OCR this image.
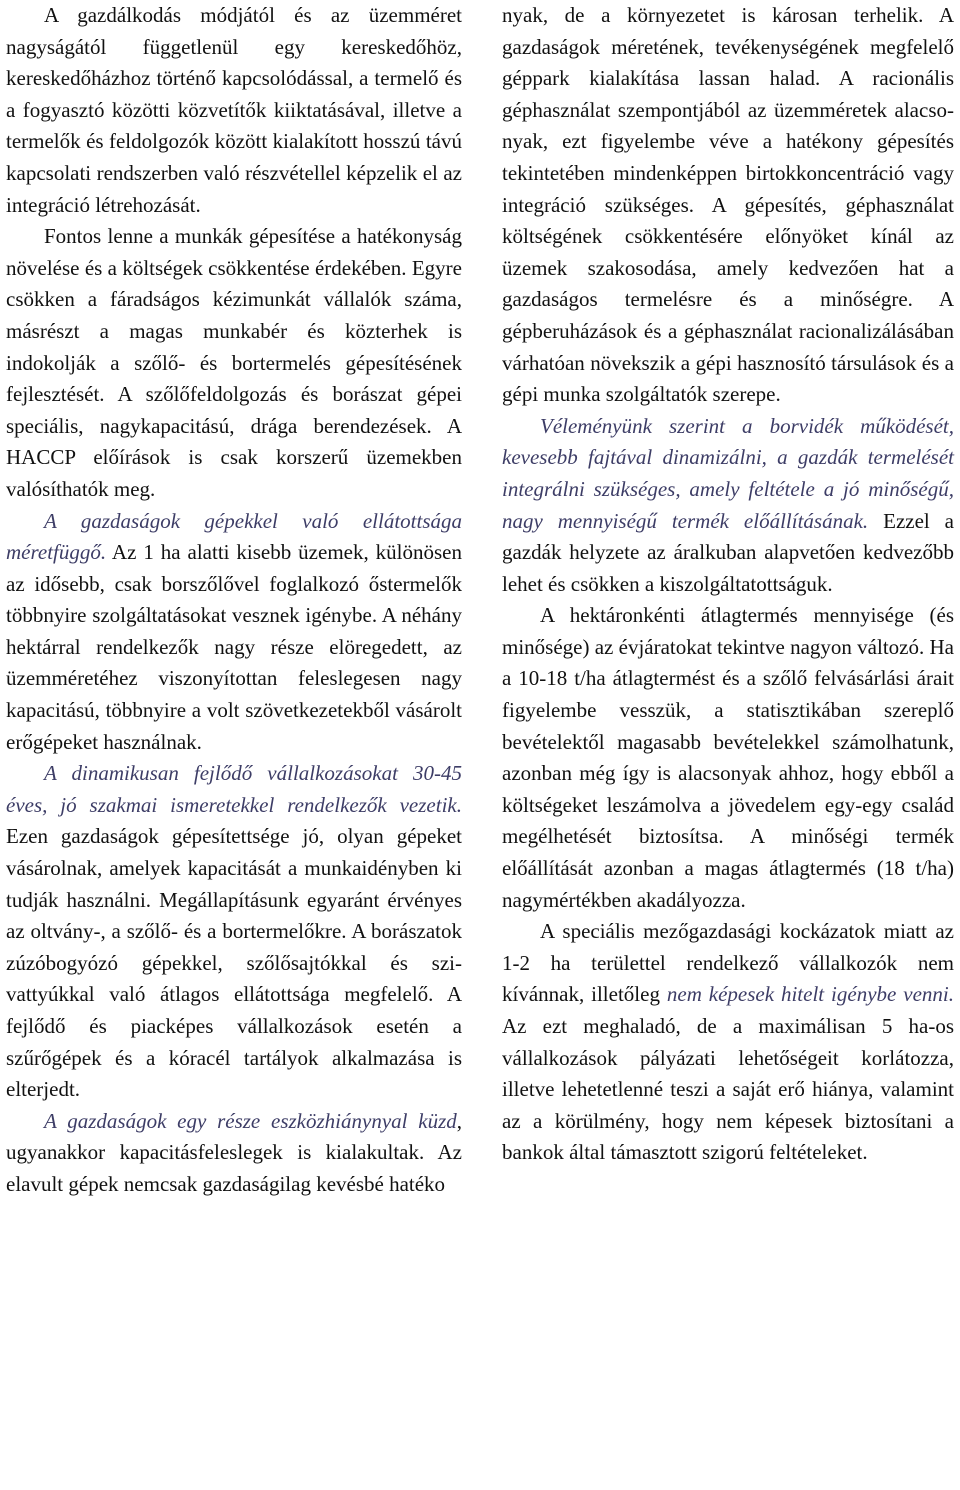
A gazdálkodás módjától és az üzemméret nagyságától függetlenül egy kereskedőhöz, kereskedőházhoz történő kapcsolódással, a termelő és a fogyasztó közötti közvetítők kiiktatásával, illetve a termelők és feldolgozók között kialakított hosszú távú kapcsolati rendszerben való részvétellel képzelik el az integráció létrehozását.

Fontos lenne a munkák gépesítése a hatékonyság növelése és a költségek csökkentése érdekében. Egyre csökken a fáradságos kézimunkát vállalók száma, másrészt a magas munkabér és közterhek is indokolják a szőlő- és bortermelés gépesítésének fejlesztését. A szőlőfeldolgozás és borászat gépei speciális, nagykapacitású, drága berendezések. A HACCP előírások is csak korszerű üzemekben valósíthatók meg.

A gazdaságok gépekkel való ellátottsága méretfüggő. Az 1 ha alatti kisebb üzemek, különösen az idősebb, csak borszőlővel foglalkozó őstermelők többnyire szolgáltatásokat vesznek igénybe. A néhány hektárral rendelkezők nagy része elöregedett, az üzemméretéhez viszonyítottan feleslegesen nagy kapacitású, többnyire a volt szövetkezetekből vásárolt erőgépeket használnak.

A dinamikusan fejlődő vállalkozásokat 30-45 éves, jó szakmai ismeretekkel rendelkezők vezetik. Ezen gazdaságok gépesítettsége jó, olyan gépeket vásárolnak, amelyek kapacitását a munkaidényben ki tudják használni. Megállapításunk egyaránt érvényes az oltvány-, a szőlő- és a bortermelőkre. A borászatok zúzóbogyózó gépekkel, szőlősajtókkal és szivattyúkkal való átlagos ellátottsága megfelelő. A fejlődő és piacképes vállalkozások esetén a szűrőgépek és a kóracél tartályok alkalmazása is elterjedt.

A gazdaságok egy része eszközhiánynyal küzd, ugyanakkor kapacitásfeleslegek is kialakultak. Az elavult gépek nemcsak gazdaságilag kevésbé hatéko

nyak, de a környezetet is károsan terhelik. A gazdaságok méretének, tevékenységének megfelelő géppark kialakítása lassan halad. A racionális géphasználat szempontjából az üzemméretek alacsonyak, ezt figyelembe véve a hatékony gépesítés tekintetében mindenképpen birtokkoncentráció vagy integráció szükséges. A gépesítés, géphasználat költségének csökkentésére előnyöket kínál az üzemek szakosodása, amely kedvezően hat a gazdaságos termelésre és a minőségre. A gépberuházások és a géphasználat racionalizálásában várhatóan növekszik a gépi hasznosító társulások és a gépi munka szolgáltatók szerepe.

Véleményünk szerint a borvidék működését, kevesebb fajtával dinamizálni, a gazdák termelését integrálni szükséges, amely feltétele a jó minőségű, nagy mennyiségű termék előállításának. Ezzel a gazdák helyzete az áralkuban alapvetően kedvezőbb lehet és csökken a kiszolgáltatottságuk.

A hektáronkénti átlagtermés mennyisége (és minősége) az évjáratokat tekintve nagyon változó. Ha a 10-18 t/ha átlagtermést és a szőlő felvásárlási árait figyelembe vesszük, a statisztikában szereplő bevételektől magasabb bevételekkel számolhatunk, azonban még így is alacsonyak ahhoz, hogy ebből a költségeket leszámolva a jövedelem egy-egy család megélhetését biztosítsa. A minőségi termék előállítását azonban a magas átlagtermés (18 t/ha) nagymértékben akadályozza.

A speciális mezőgazdasági kockázatok miatt az 1-2 ha területtel rendelkező vállalkozók nem kívánnak, illetőleg nem képesek hitelt igénybe venni. Az ezt meghaladó, de a maximálisan 5 ha-os vállalkozások pályázati lehetőségeit korlátozza, illetve lehetetlenné teszi a saját erő hiánya, valamint az a körülmény, hogy nem képesek biztosítani a bankok által támasztott szigorú feltételeket.
